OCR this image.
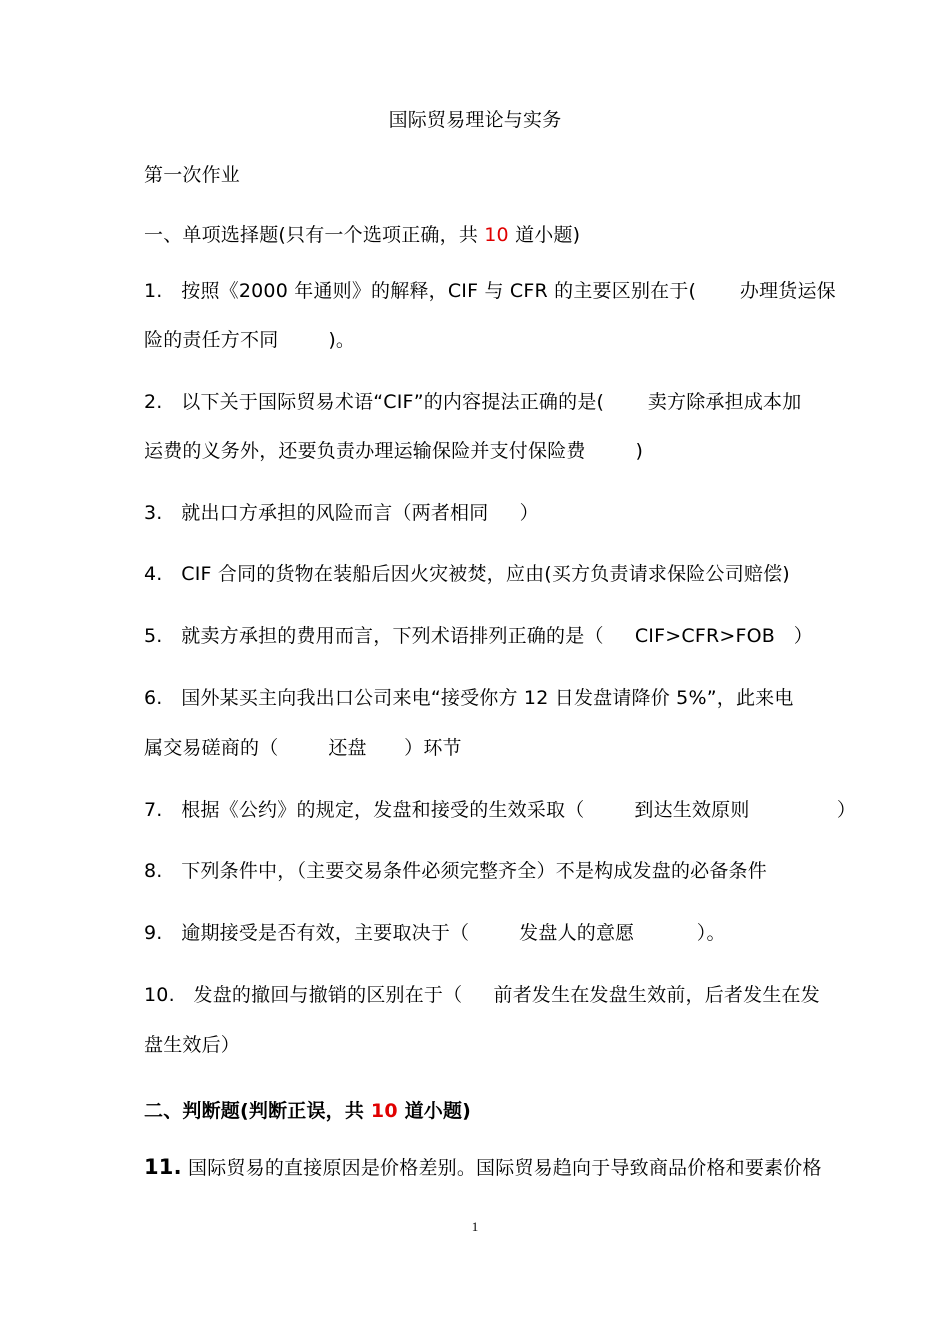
国际贸易理论与实务
第一次作业
一、单项选择题(只有一个选项正确，共 10 道小题)
1.   按照《2000 年通则》的解释，CIF 与 CFR 的主要区别在于(       办理货运保
险的责任方不同        )。
2.   以下关于国际贸易术语“CIF”的内容提法正确的是(       卖方除承担成本加
运费的义务外，还要负责办理运输保险并支付保险费        )
3.   就出口方承担的风险而言（两者相同     ）
4.   CIF 合同的货物在装船后因火灾被焚，应由(买方负责请求保险公司赔偿)
5.   就卖方承担的费用而言，下列术语排列正确的是（     CIF>CFR>FOB   ）
6.   国外某买主向我出口公司来电“接受你方 12 日发盘请降价 5%”，此来电
属交易磋商的（        还盘      ）环节
7.   根据《公约》的规定，发盘和接受的生效采取（        到达生效原则              ）
8.   下列条件中，（主要交易条件必须完整齐全）不是构成发盘的必备条件
9.   逾期接受是否有效，主要取决于（        发盘人的意愿          ）。
10.   发盘的撤回与撤销的区别在于（     前者发生在发盘生效前，后者发生在发
盘生效后）
二、判断题(判断正误，共 10 道小题)
11. 国际贸易的直接原因是价格差别。国际贸易趋向于导致商品价格和要素价格
1
